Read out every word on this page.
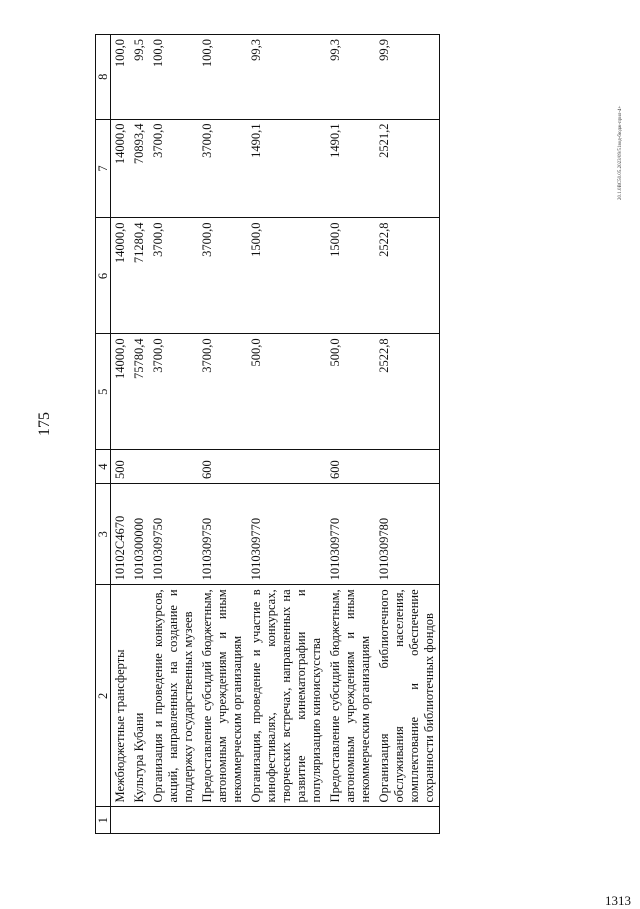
175
20.1.0ВС50.05.2023/09/51вод-бюдж-прил-4+
1313
1	2	3	4	5	6	7	8
	Межбюджетные трансферты	10102С4670	500	14000,0	14000,0	14000,0	100,0
	Культура Кубани	1010300000		75780,4	71280,4	70893,4	99,5
	Организация и проведение конкурсов, акций, направленных на создание и поддержку государственных музеев	1010309750		3700,0	3700,0	3700,0	100,0
	Предоставление субсидий бюджетным, автономным учреждениям и иным некоммерческим организациям	1010309750	600	3700,0	3700,0	3700,0	100,0
	Организация, проведение и участие в кинофестивалях, конкурсах, творческих встречах, направленных на развитие кинематографии и популяризацию киноискусства	1010309770		500,0	1500,0	1490,1	99,3
	Предоставление субсидий бюджетным, автономным учреждениям и иным некоммерческим организациям	1010309770	600	500,0	1500,0	1490,1	99,3
	Организация библиотечного обслуживания населения, комплектование и обеспечение сохранности библиотечных фондов	1010309780		2522,8	2522,8	2521,2	99,9
